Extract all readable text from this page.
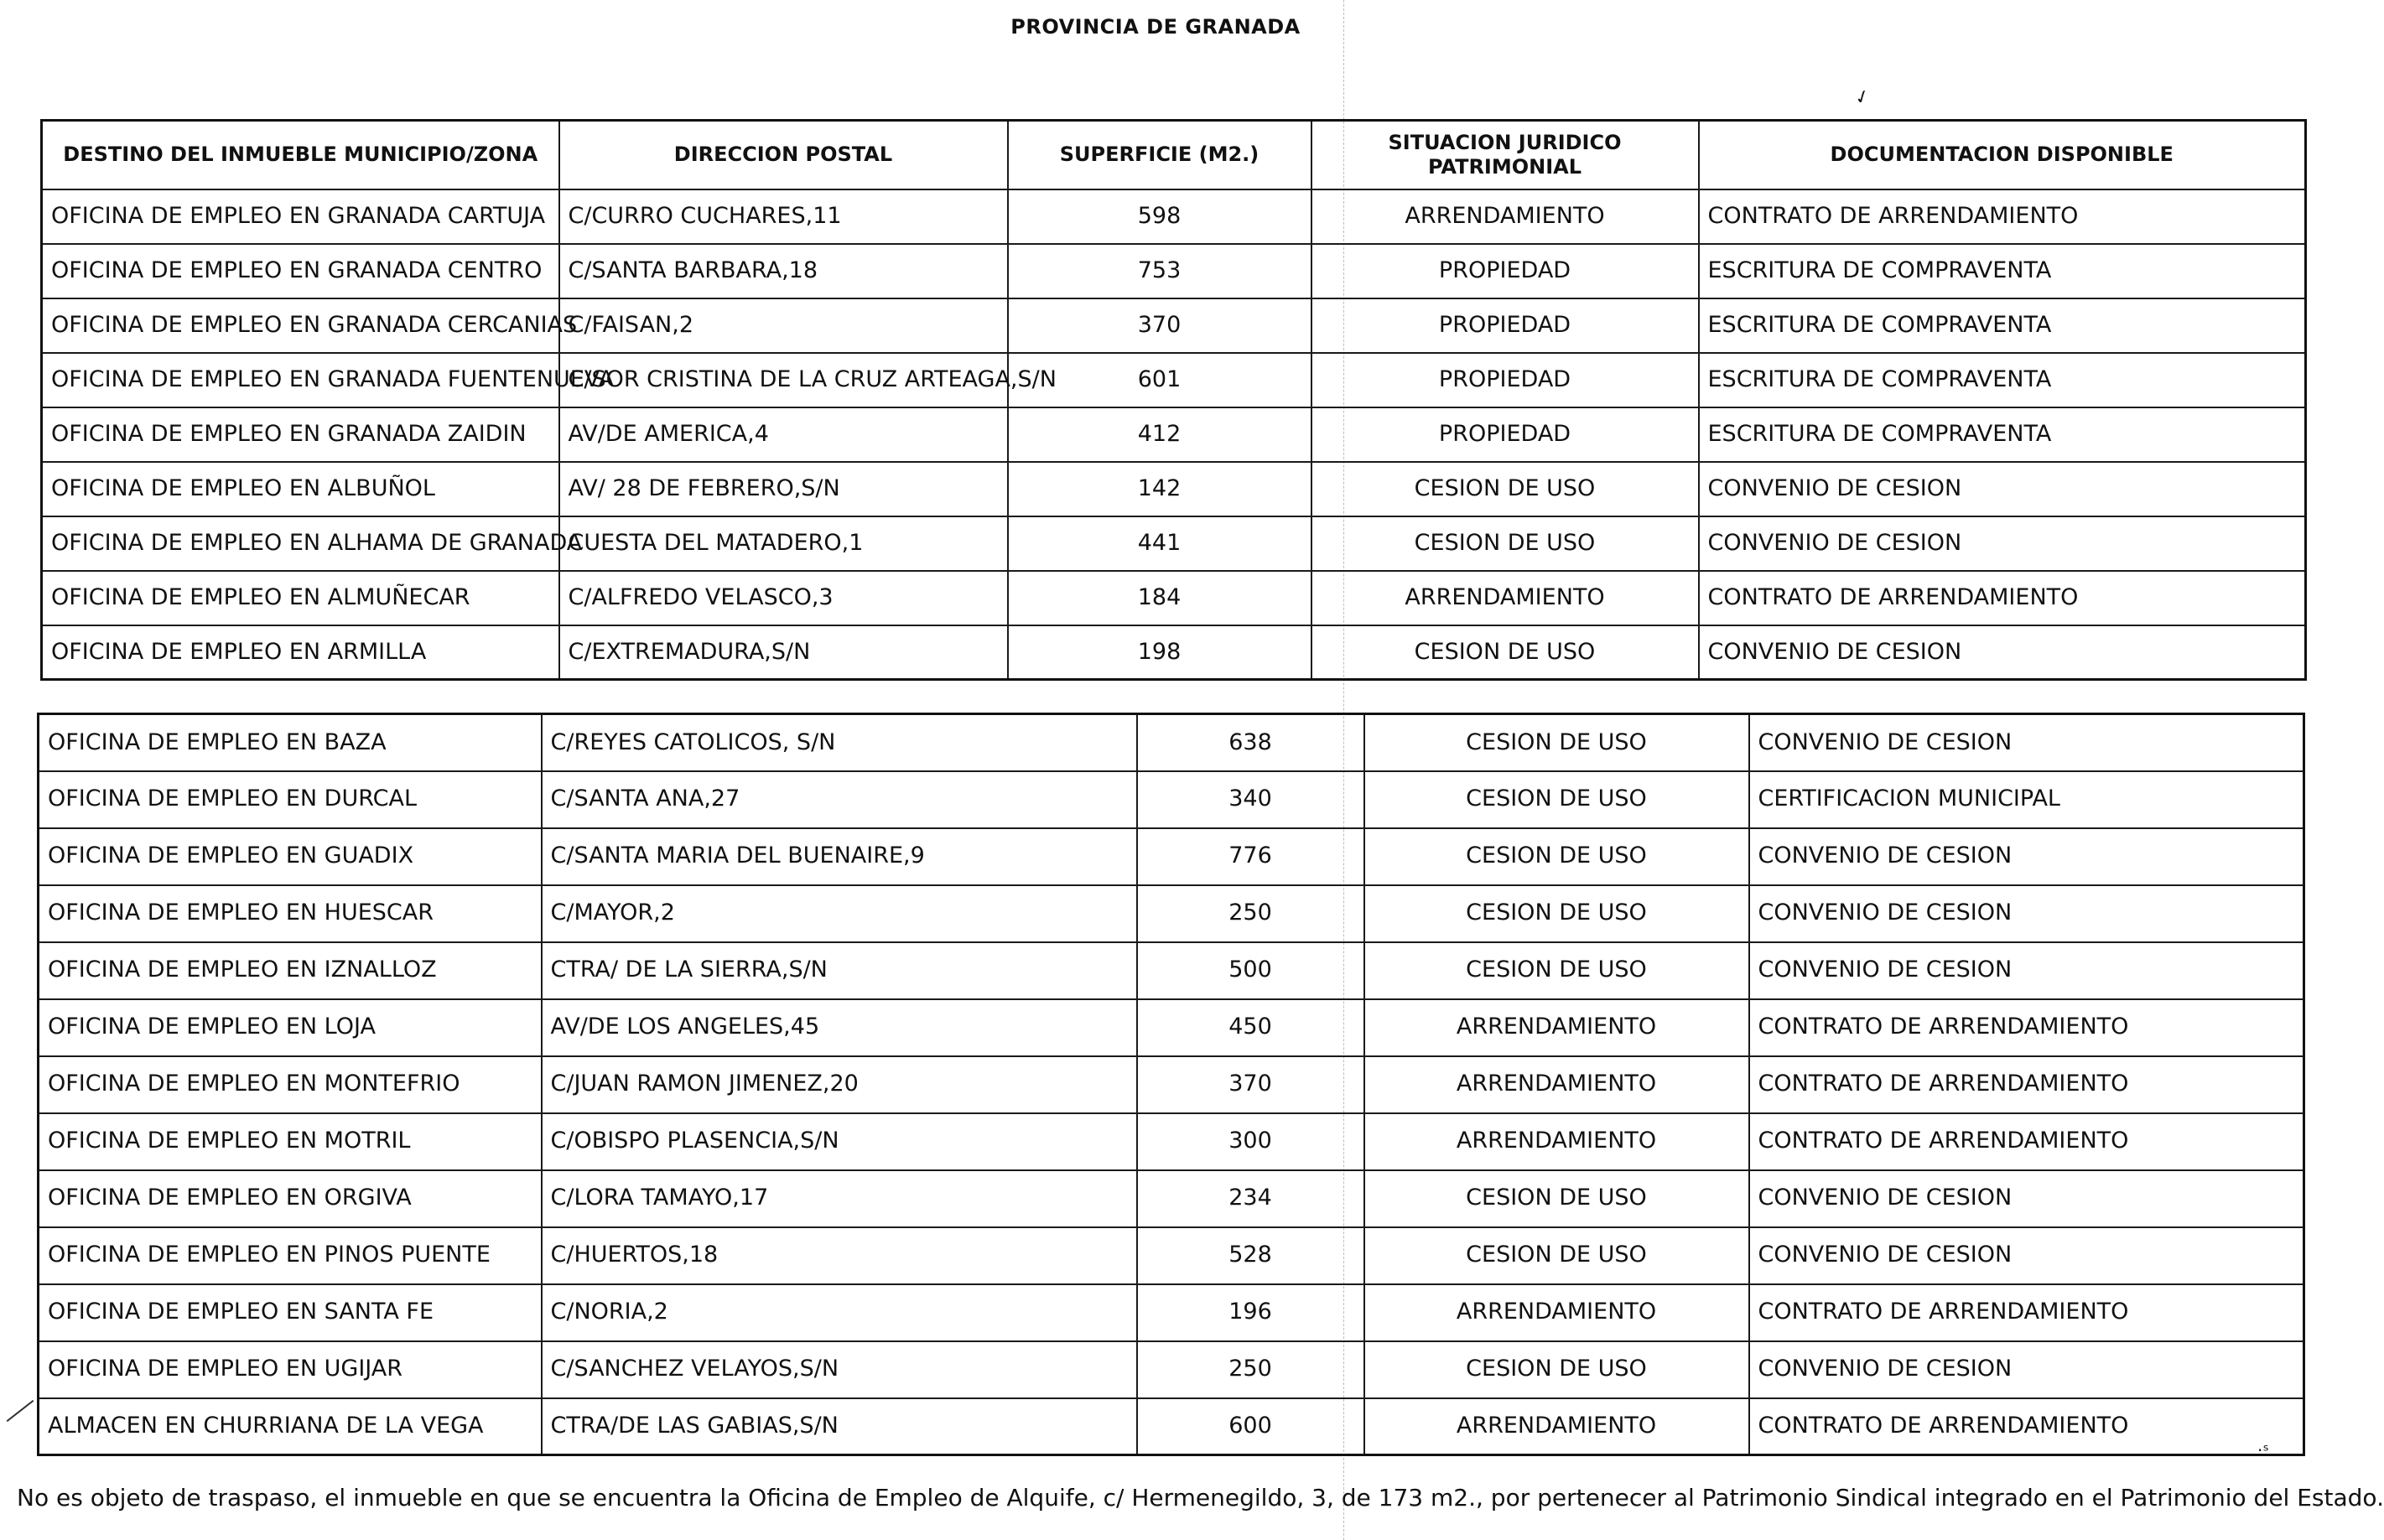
PROVINCIA DE GRANADA
✓
·ˢ
DESTINO DEL INMUEBLE MUNICIPIO/ZONA	DIRECCION POSTAL	SUPERFICIE (M2.)	SITUACION JURIDICO PATRIMONIAL	DOCUMENTACION DISPONIBLE
OFICINA DE EMPLEO EN GRANADA CARTUJA	C/CURRO CUCHARES,11	598	ARRENDAMIENTO	CONTRATO DE ARRENDAMIENTO
OFICINA DE EMPLEO EN GRANADA CENTRO	C/SANTA BARBARA,18	753	PROPIEDAD	ESCRITURA DE COMPRAVENTA
OFICINA DE EMPLEO EN GRANADA CERCANIAS	C/FAISAN,2	370	PROPIEDAD	ESCRITURA DE COMPRAVENTA
OFICINA DE EMPLEO EN GRANADA FUENTENUEVA	C/SOR CRISTINA DE LA CRUZ ARTEAGA,S/N	601	PROPIEDAD	ESCRITURA DE COMPRAVENTA
OFICINA DE EMPLEO EN GRANADA ZAIDIN	AV/DE AMERICA,4	412	PROPIEDAD	ESCRITURA DE COMPRAVENTA
OFICINA DE EMPLEO EN ALBUÑOL	AV/ 28 DE FEBRERO,S/N	142	CESION DE USO	CONVENIO DE CESION
OFICINA DE EMPLEO EN ALHAMA DE GRANADA	CUESTA DEL MATADERO,1	441	CESION DE USO	CONVENIO DE CESION
OFICINA DE EMPLEO EN ALMUÑECAR	C/ALFREDO VELASCO,3	184	ARRENDAMIENTO	CONTRATO DE ARRENDAMIENTO
OFICINA DE EMPLEO EN ARMILLA	C/EXTREMADURA,S/N	198	CESION DE USO	CONVENIO DE CESION
OFICINA DE EMPLEO EN BAZA	C/REYES CATOLICOS, S/N	638	CESION DE USO	CONVENIO DE CESION
OFICINA DE EMPLEO EN DURCAL	C/SANTA ANA,27	340	CESION DE USO	CERTIFICACION MUNICIPAL
OFICINA DE EMPLEO EN GUADIX	C/SANTA MARIA DEL BUENAIRE,9	776	CESION DE USO	CONVENIO DE CESION
OFICINA DE EMPLEO EN HUESCAR	C/MAYOR,2	250	CESION DE USO	CONVENIO DE CESION
OFICINA DE EMPLEO EN IZNALLOZ	CTRA/ DE LA SIERRA,S/N	500	CESION DE USO	CONVENIO DE CESION
OFICINA DE EMPLEO EN LOJA	AV/DE LOS ANGELES,45	450	ARRENDAMIENTO	CONTRATO DE ARRENDAMIENTO
OFICINA DE EMPLEO EN MONTEFRIO	C/JUAN RAMON JIMENEZ,20	370	ARRENDAMIENTO	CONTRATO DE ARRENDAMIENTO
OFICINA DE EMPLEO EN MOTRIL	C/OBISPO PLASENCIA,S/N	300	ARRENDAMIENTO	CONTRATO DE ARRENDAMIENTO
OFICINA DE EMPLEO EN ORGIVA	C/LORA TAMAYO,17	234	CESION DE USO	CONVENIO DE CESION
OFICINA DE EMPLEO EN PINOS PUENTE	C/HUERTOS,18	528	CESION DE USO	CONVENIO DE CESION
OFICINA DE EMPLEO EN SANTA FE	C/NORIA,2	196	ARRENDAMIENTO	CONTRATO DE ARRENDAMIENTO
OFICINA DE EMPLEO EN UGIJAR	C/SANCHEZ VELAYOS,S/N	250	CESION DE USO	CONVENIO DE CESION
ALMACEN EN CHURRIANA DE LA VEGA	CTRA/DE LAS GABIAS,S/N	600	ARRENDAMIENTO	CONTRATO DE ARRENDAMIENTO
No es objeto de traspaso, el inmueble en que se encuentra la Oficina de Empleo de Alquife, c/ Hermenegildo, 3, de 173 m2., por pertenecer al Patrimonio Sindical integrado en el Patrimonio del Estado.
